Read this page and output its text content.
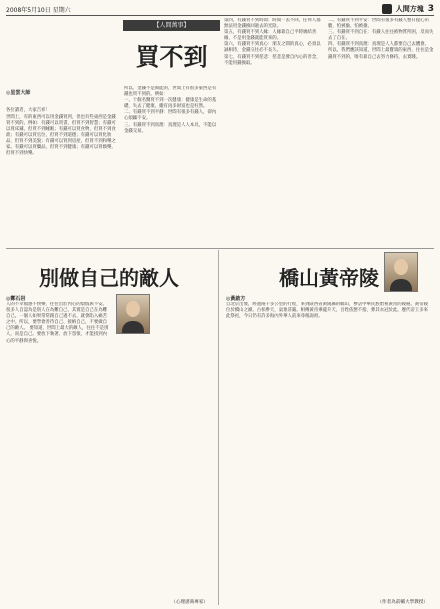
2008年5月10日 星期六	人間方塊 3
【人間萬事】
買不到

◎星雲大師

各位讀者，大家吉祥！
世間上，有的東西可以用金錢買到，但也有些東西是金錢買不到的。例如：有錢可以買書，但買不到智慧；有錢可以買床鋪，但買不到睡眠；有錢可以買食物，但買不到食欲；有錢可以買官位，但買不到道德；有錢可以買化妝品，但買不到美貌；有錢可以買到房屋，但買不到和樂之家。有錢可以買藥品，但買不到健康；有錢可以買娛樂，但買不到快樂。

所以，金錢不是萬能的，世間上有很多東西是有錢也買不到的。例如：
一、十個名醫買不到一次健康：健康是生命的基礎，失去了健康，縱有再多財富也是枉然。
二、有錢買不到平靜：世間有很多有錢人，卻內心煩躁不安。
三、有錢買不到真理：真理是人人本具，不能以金錢交易。
第四，有錢買不到時間：時間一去不回，任何人都無法用金錢換回逝去的光陰。
第五，有錢買不到人緣：人緣靠自己平時廣結善緣，不是用金錢就能買來的。
第六，有錢買不到真心：朋友之間的真心，必須以誠相待，金錢交往必不長久。
第七，有錢買不到慈悲：慈悲是發自內心的善念，不能用錢換取。
二、有錢買不到平安：世間有很多有錢人整日提心吊膽，怕被偷、怕被搶。
三、有錢買不到自在：有錢人往往被物質所困，反而失去了自在。
四、有錢買不到真理：真理是人人都要自己去體會。
所以，我們應該知道，世間上最寶貴的東西，往往是金錢買不到的，唯有靠自己去努力修持、去實踐。
別做自己的敵人
◎鄭石岩
人的不幸福感不快樂，往往出於內心的煩惱與不安。很多人自認為是別人在為難自己，其實是自己在為難自己。一個人如果常常跟自己過不去，就會陷入痛苦之中。所以，要學會善待自己、接納自己，不要做自己的敵人。 要知道，世間上最大的敵人，往往不是別人，而是自己。要放下執著、放下怨恨，才能找到內心的平靜與喜悅。
（心理諮商專家）
橋山黃帝陵
◎黃啟方
自北京出發，經過兩千多公里的行程，來到陝西省黃陵縣的橋山，參訪中華民族始祖黃帝的陵寢。黃帝陵位於橋山之巔，古柏參天，氣象莊嚴。相傳黃帝乘龍升天，百姓依戀不捨，葬其衣冠於此。歷代帝王多來此祭祀，今日仍有許多海內外華人前來尋根謁祖。
（作者為前輔大學教授）
